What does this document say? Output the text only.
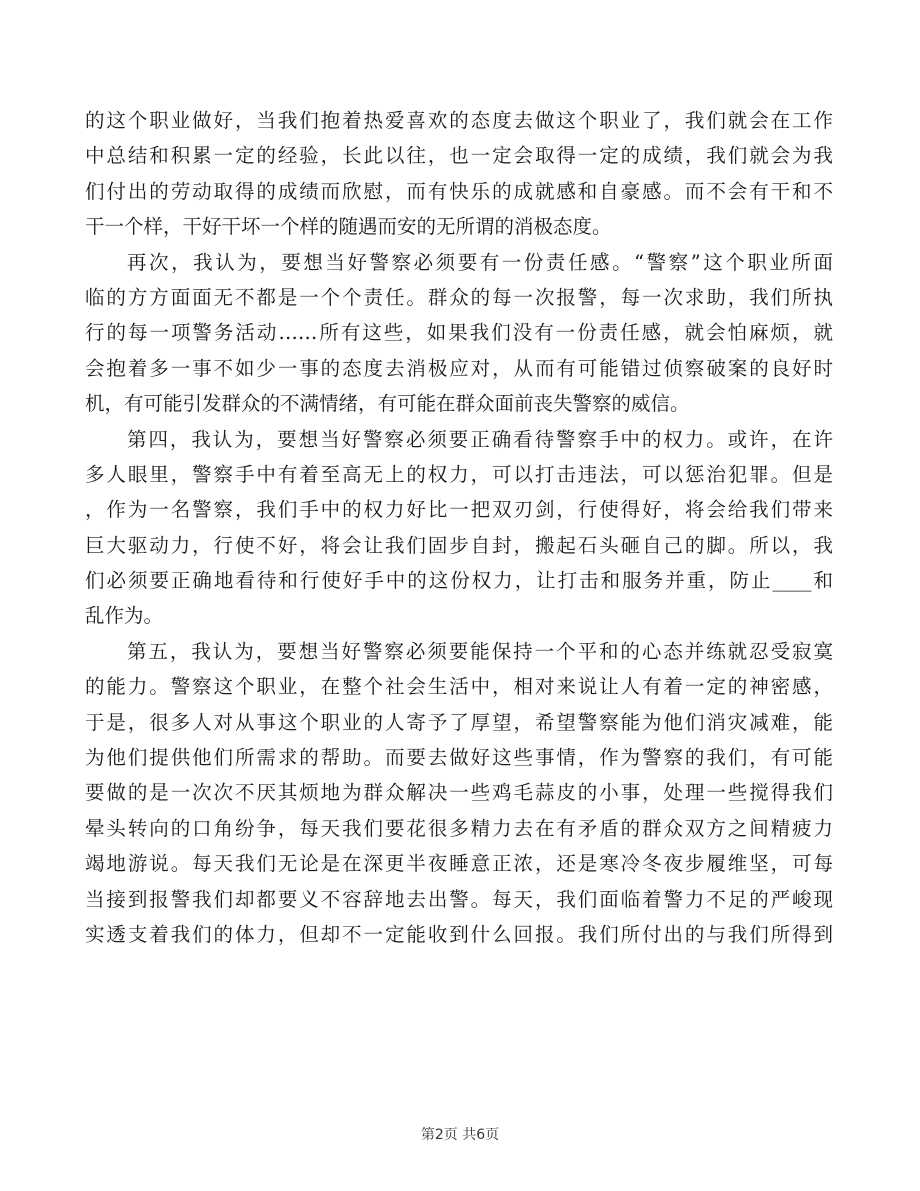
的这个职业做好，当我们抱着热爱喜欢的态度去做这个职业了，我们就会在工作
中总结和积累一定的经验，长此以往，也一定会取得一定的成绩，我们就会为我
们付出的劳动取得的成绩而欣慰，而有快乐的成就感和自豪感。而不会有干和不
干一个样，干好干坏一个样的随遇而安的无所谓的消极态度。
再次，我认为，要想当好警察必须要有一份责任感。“警察”这个职业所面
临的方方面面无不都是一个个责任。群众的每一次报警，每一次求助，我们所执
行的每一项警务活动……所有这些，如果我们没有一份责任感，就会怕麻烦，就
会抱着多一事不如少一事的态度去消极应对，从而有可能错过侦察破案的良好时
机，有可能引发群众的不满情绪，有可能在群众面前丧失警察的威信。
第四，我认为，要想当好警察必须要正确看待警察手中的权力。或许，在许
多人眼里，警察手中有着至高无上的权力，可以打击违法，可以惩治犯罪。但是
，作为一名警察，我们手中的权力好比一把双刃剑，行使得好，将会给我们带来
巨大驱动力，行使不好，将会让我们固步自封，搬起石头砸自己的脚。所以，我
们必须要正确地看待和行使好手中的这份权力，让打击和服务并重，防止____和
乱作为。
第五，我认为，要想当好警察必须要能保持一个平和的心态并练就忍受寂寞
的能力。警察这个职业，在整个社会生活中，相对来说让人有着一定的神密感，
于是，很多人对从事这个职业的人寄予了厚望，希望警察能为他们消灾减难，能
为他们提供他们所需求的帮助。而要去做好这些事情，作为警察的我们，有可能
要做的是一次次不厌其烦地为群众解决一些鸡毛蒜皮的小事，处理一些搅得我们
晕头转向的口角纷争，每天我们要花很多精力去在有矛盾的群众双方之间精疲力
竭地游说。每天我们无论是在深更半夜睡意正浓，还是寒冷冬夜步履维坚，可每
当接到报警我们却都要义不容辞地去出警。每天，我们面临着警力不足的严峻现
实透支着我们的体力，但却不一定能收到什么回报。我们所付出的与我们所得到
第2页 共6页
